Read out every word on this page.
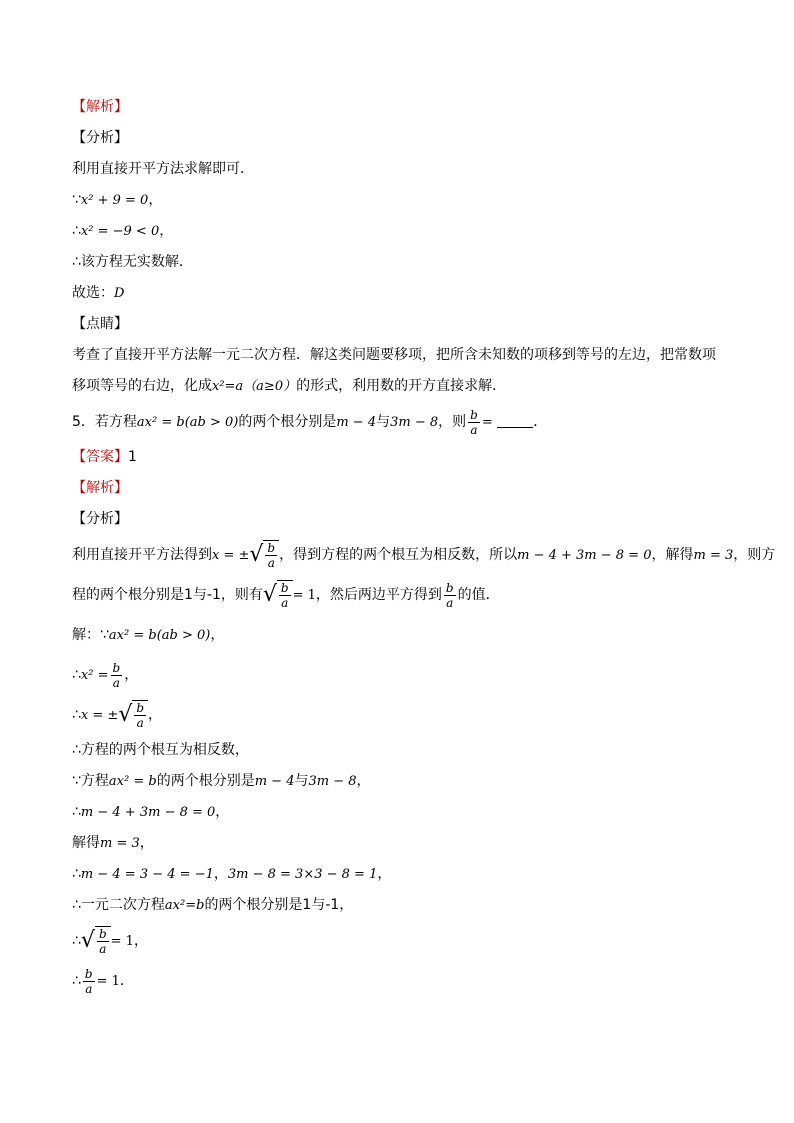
【解析】
【分析】
利用直接开平方法求解即可．
∵x² + 9 = 0，
∴x² = −9 < 0，
∴该方程无实数解．
故选：D
【点睛】
考查了直接开平方法解一元二次方程．解这类问题要移项，把所含未知数的项移到等号的左边，把常数项
移项等号的右边，化成x²=a（a≥0）的形式，利用数的开方直接求解．
5．若方程ax² = b(ab > 0)的两个根分别是m − 4与3m − 8，则 $\frac{b}{a}$ =	．
【答案】1
【解析】
【分析】
利用直接开平方法得到x = ± √ $\frac{b}{a}$ ，得到方程的两个根互为相反数，所以m − 4 + 3m − 8 = 0，解得m = 3，则方
程的两个根分别是1与-1，则有 √ $\frac{b}{a} = 1$，然后两边平方得到 $\frac{b}{a}$ 的值．
解：∵ax² = b(ab > 0)，
∴x² = $\frac{b}{a}$ ，
∴x = ± √ $\frac{b}{a}$ ，
∴方程的两个根互为相反数，
∵方程ax² = b的两个根分别是m − 4与3m − 8，
∴m − 4 + 3m − 8 = 0，
解得m = 3，
∴m − 4 = 3 − 4 = −1，3m − 8 = 3×3 − 8 = 1，
∴一元二次方程ax²=b的两个根分别是1与-1，
∴ √ $\frac{b}{a} = 1$，
∴ $\frac{b}{a} = 1$．
